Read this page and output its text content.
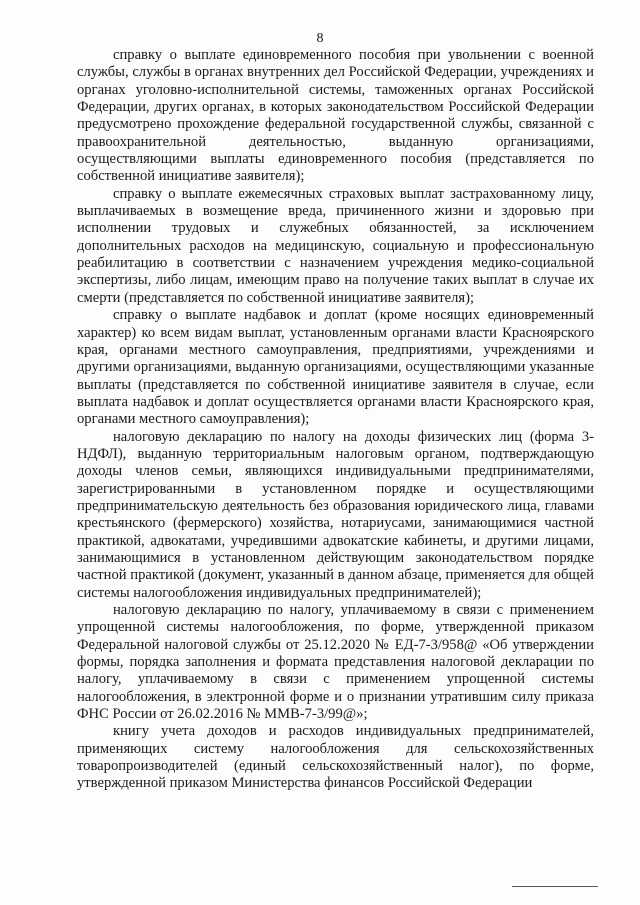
8

справку о выплате единовременного пособия при увольнении с военной службы, службы в органах внутренних дел Российской Федерации, учреждениях и органах уголовно-исполнительной системы, таможенных органах Российской Федерации, других органах, в которых законодательством Российской Федерации предусмотрено прохождение федеральной государственной службы, связанной с правоохранительной деятельностью, выданную организациями, осуществляющими выплаты единовременного пособия (представляется по собственной инициативе заявителя);

справку о выплате ежемесячных страховых выплат застрахованному лицу, выплачиваемых в возмещение вреда, причиненного жизни и здоровью при исполнении трудовых и служебных обязанностей, за исключением дополнительных расходов на медицинскую, социальную и профессиональную реабилитацию в соответствии с назначением учреждения медико-социальной экспертизы, либо лицам, имеющим право на получение таких выплат в случае их смерти (представляется по собственной инициативе заявителя);

справку о выплате надбавок и доплат (кроме носящих единовременный характер) ко всем видам выплат, установленным органами власти Красноярского края, органами местного самоуправления, предприятиями, учреждениями и другими организациями, выданную организациями, осуществляющими указанные выплаты (представляется по собственной инициативе заявителя в случае, если выплата надбавок и доплат осуществляется органами власти Красноярского края, органами местного самоуправления);

налоговую декларацию по налогу на доходы физических лиц (форма 3-НДФЛ), выданную территориальным налоговым органом, подтверждающую доходы членов семьи, являющихся индивидуальными предпринимателями, зарегистрированными в установленном порядке и осуществляющими предпринимательскую деятельность без образования юридического лица, главами крестьянского (фермерского) хозяйства, нотариусами, занимающимися частной практикой, адвокатами, учредившими адвокатские кабинеты, и другими лицами, занимающимися в установленном действующим законодательством порядке частной практикой (документ, указанный в данном абзаце, применяется для общей системы налогообложения индивидуальных предпринимателей);

налоговую декларацию по налогу, уплачиваемому в связи с применением упрощенной системы налогообложения, по форме, утвержденной приказом Федеральной налоговой службы от 25.12.2020 № ЕД-7-3/958@ «Об утверждении формы, порядка заполнения и формата представления налоговой декларации по налогу, уплачиваемому в связи с применением упрощенной системы налогообложения, в электронной форме и о признании утратившим силу приказа ФНС России от 26.02.2016 № ММВ-7-3/99@»;

книгу учета доходов и расходов индивидуальных предпринимателей, применяющих систему налогообложения для сельскохозяйственных товаропроизводителей (единый сельскохозяйственный налог), по форме, утвержденной приказом Министерства финансов Российской Федерации
